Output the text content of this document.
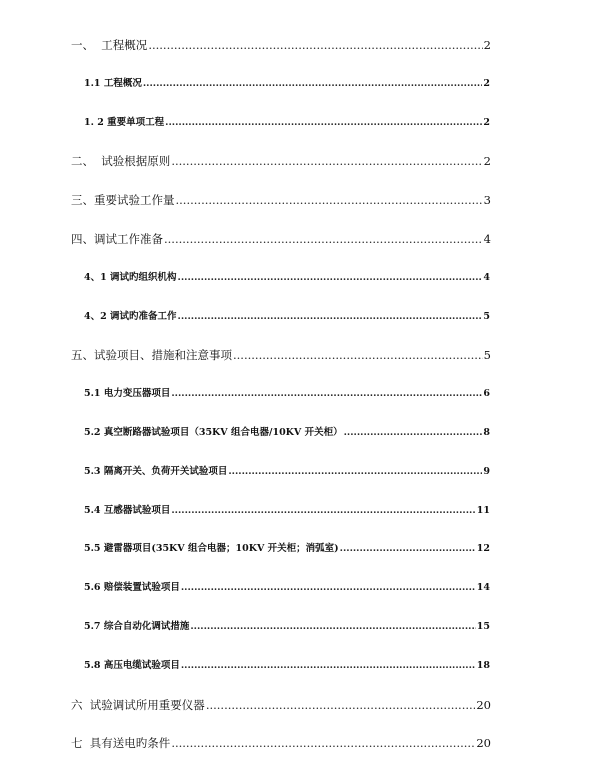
一、  工程概况 .....	2
1.1 工程概况 .....	2
1. 2 重要单项工程 .....	2
二、  试验根据原则 .....	2
三、重要试验工作量 .....	3
四、调试工作准备 .....	4
4、1 调试旳组织机构 .....	4
4、2 调试旳准备工作 .....	5
五、试验项目、措施和注意事项 .....	5
5.1 电力变压器项目 .....	6
5.2 真空断路器试验项目（35KV 组合电器/10KV 开关柜） .....	8
5.3 隔离开关、负荷开关试验项目 .....	9
5.4 互感器试验项目 .....	11
5.5 避雷器项目(35KV 组合电器；10KV 开关柜；消弧室) .....	12
5.6 赔偿装置试验项目 .....	14
5.7 综合自动化调试措施 .....	15
5.8 高压电缆试验项目 .....	18
六  试验调试所用重要仪器 .....	20
七  具有送电旳条件 .....	20
